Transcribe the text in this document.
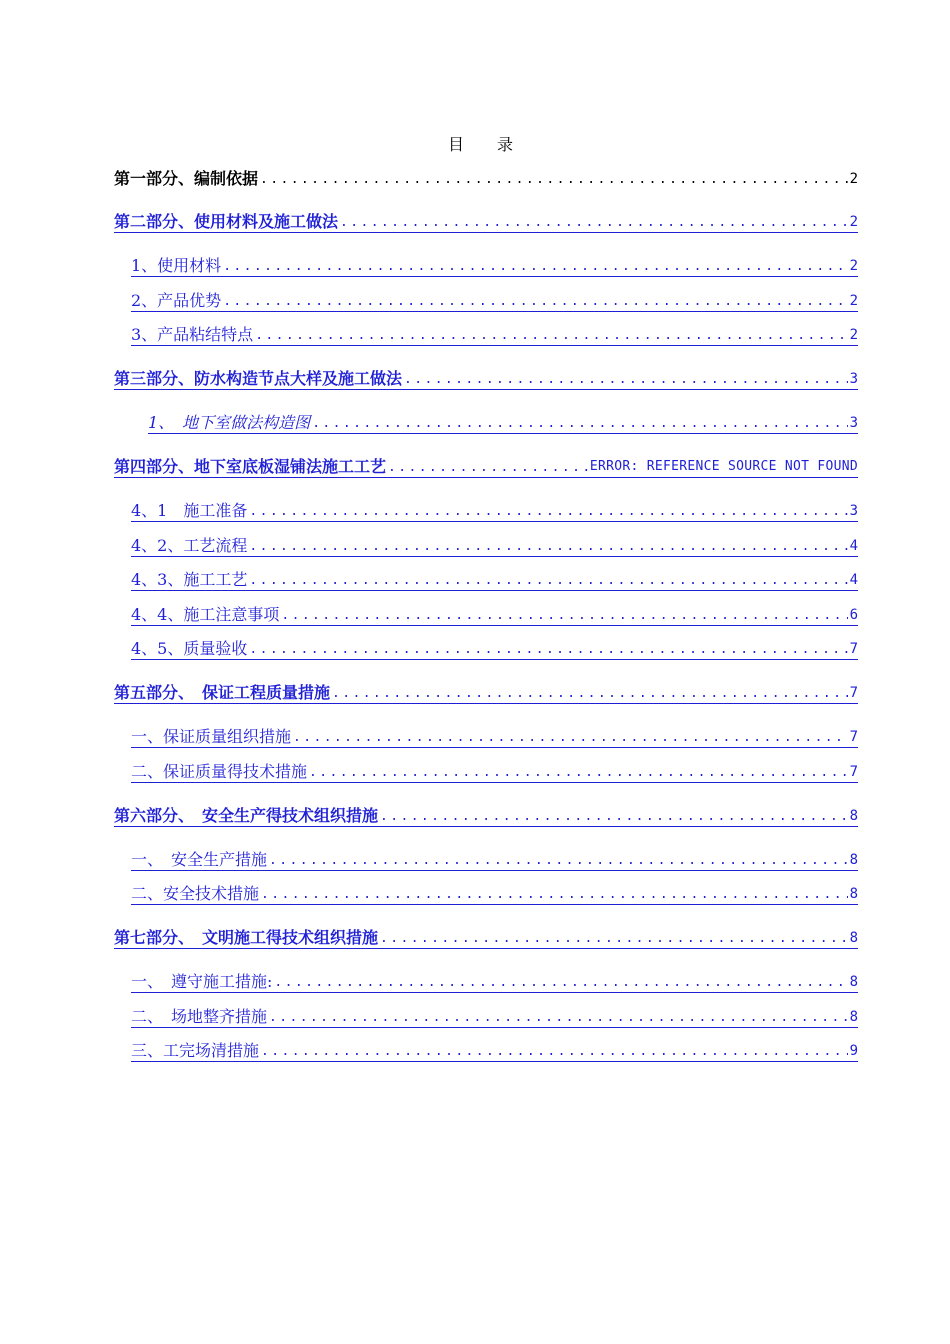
目 录
第一部分、编制依据 .....	2
第二部分、使用材料及施工做法 .....	2
1、使用材料 .....	2
2、产品优势 .....	2
3、产品粘结特点 .....	2
第三部分、防水构造节点大样及施工做法 .....	3
1、　地下室做法构造图 .....	3
第四部分、地下室底板湿铺法施工工艺 .....	ERROR: REFERENCE SOURCE NOT FOUND
4、1　施工准备 .....	3
4、2、工艺流程 .....	4
4、3、施工工艺 .....	4
4、4、施工注意事项 .....	6
4、5、质量验收 .....	7
第五部分、　保证工程质量措施 .....	7
一、保证质量组织措施 .....	7
二、保证质量得技术措施 .....	7
第六部分、　安全生产得技术组织措施 .....	8
一、　安全生产措施 .....	8
二、安全技术措施 .....	8
第七部分、　文明施工得技术组织措施 .....	8
一、　遵守施工措施: .....	8
二、　场地整齐措施 .....	8
三、工完场清措施 .....	9
